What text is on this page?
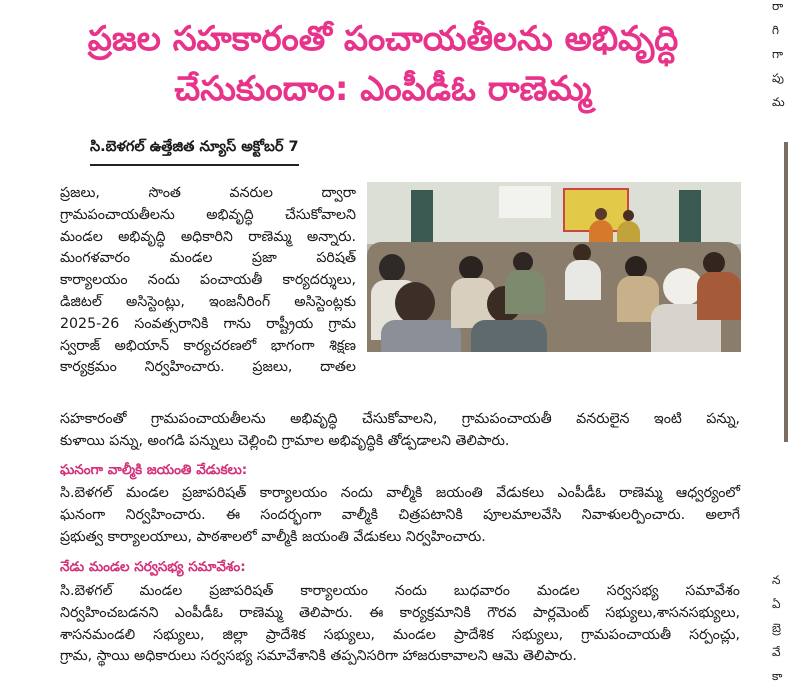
ప్రజల సహకారంతో పంచాయతీలను అభివృద్ధి
చేసుకుందాం: ఎంపీడీఓ రాణెమ్మ
సి.బెళగల్ ఉత్తేజిత న్యూస్ అక్టోబర్ 7
ప్రజలు, సొంత వనరుల ద్వారా
గ్రామపంచాయతీలను అభివృద్ధి చేసుకోవాలని
మండల అభివృద్ధి అధికారిని రాణెమ్మ అన్నారు.
మంగళవారం మండల ప్రజా పరిషత్
కార్యాలయం నందు పంచాయతీ కార్యదర్శులు,
డిజిటల్ అసిస్టెంట్లు, ఇంజనీరింగ్ అసిస్టెంట్లకు
2025-26 సంవత్సరానికి గాను రాష్ట్రీయ గ్రామ
స్వరాజ్ అభియాన్ కార్యచరణలో భాగంగా శిక్షణ
కార్యక్రమం నిర్వహించారు. ప్రజలు, దాతల
సహకారంతో గ్రామపంచాయతీలను అభివృద్ధి చేసుకోవాలని, గ్రామపంచాయతీ వనరులైన ఇంటి పన్ను,
కుళాయి పన్ను, అంగడి పన్నులు చెల్లించి గ్రామాల అభివృద్ధికి తోడ్పడాలని తెలిపారు.
ఘనంగా వాల్మీకి జయంతి వేడుకలు:
సి.బెళగల్ మండల ప్రజాపరిషత్ కార్యాలయం నందు వాల్మీకి జయంతి వేడుకలు ఎంపీడీఓ రాణెమ్మ ఆధ్వర్యంలో
ఘనంగా నిర్వహించారు. ఈ సందర్భంగా వాల్మీకి చిత్రపటానికి పూలమాలవేసి నివాళులర్పించారు. అలాగే
ప్రభుత్వ కార్యాలయాలు, పాఠశాలలో వాల్మీకి జయంతి వేడుకలు నిర్వహించారు.
నేడు మండల సర్వసభ్య సమావేశం:
సి.బెళగల్ మండల ప్రజాపరిషత్ కార్యాలయం నందు బుధవారం మండల సర్వసభ్య సమావేశం
నిర్వహించబడనని ఎంపీడీఓ రాణెమ్మ తెలిపారు. ఈ కార్యక్రమానికి గౌరవ పార్లమెంట్ సభ్యులు,శాసనసభ్యులు,
శాసనమండలి సభ్యులు, జిల్లా ప్రాదేశిక సభ్యులు, మండల ప్రాదేశిక సభ్యులు, గ్రామపంచాయతీ సర్పంచ్లు,
గ్రామ, స్థాయి అధికారులు సర్వసభ్య సమావేశానికి తప్పనిసరిగా హాజరుకావాలని ఆమె తెలిపారు.
రా
గి
గా
పు
మ
న
ఏ
బ్రె
వే
కా
